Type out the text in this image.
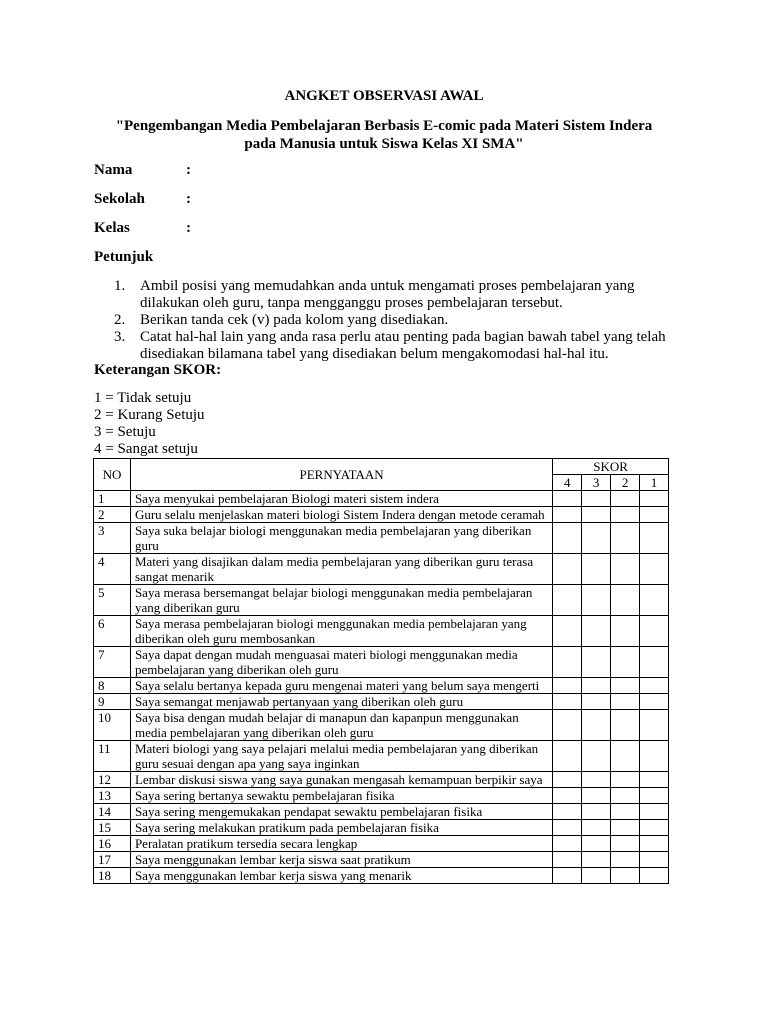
ANGKET OBSERVASI AWAL
"Pengembangan Media Pembelajaran Berbasis E-comic pada Materi Sistem Indera
pada Manusia untuk Siswa Kelas XI SMA"
Nama	:
Sekolah	:
Kelas	:
Petunjuk
1. Ambil posisi yang memudahkan anda untuk mengamati proses pembelajaran yang dilakukan oleh guru, tanpa mengganggu proses pembelajaran tersebut.
2. Berikan tanda cek (v) pada kolom yang disediakan.
3. Catat hal-hal lain yang anda rasa perlu atau penting pada bagian bawah tabel yang telah disediakan bilamana tabel yang disediakan belum mengakomodasi hal-hal itu.
Keterangan SKOR:
1 = Tidak setuju
2 = Kurang Setuju
3 = Setuju
4 = Sangat setuju
NO	PERNYATAAN	SKOR			
		4	3	2	1
1	Saya menyukai pembelajaran Biologi materi sistem indera				
2	Guru selalu menjelaskan materi biologi Sistem Indera dengan metode ceramah				
3	Saya suka belajar biologi menggunakan media pembelajaran yang diberikan guru				
4	Materi yang disajikan dalam media pembelajaran yang diberikan guru terasa sangat menarik				
5	Saya merasa bersemangat belajar biologi menggunakan media pembelajaran yang diberikan guru				
6	Saya merasa pembelajaran biologi menggunakan media pembelajaran yang diberikan oleh guru membosankan				
7	Saya dapat dengan mudah menguasai materi biologi menggunakan media pembelajaran yang diberikan oleh guru				
8	Saya selalu bertanya kepada guru mengenai materi yang belum saya mengerti				
9	Saya semangat menjawab pertanyaan yang diberikan oleh guru				
10	Saya bisa dengan mudah belajar di manapun dan kapanpun menggunakan media pembelajaran yang diberikan oleh guru				
11	Materi biologi yang saya pelajari melalui media pembelajaran yang diberikan guru sesuai dengan apa yang saya inginkan				
12	Lembar diskusi siswa yang saya gunakan mengasah kemampuan berpikir saya				
13	Saya sering bertanya sewaktu pembelajaran fisika				
14	Saya sering mengemukakan pendapat sewaktu pembelajaran fisika				
15	Saya sering melakukan pratikum pada pembelajaran fisika				
16	Peralatan pratikum tersedia secara lengkap				
17	Saya menggunakan lembar kerja siswa saat pratikum				
18	Saya menggunakan lembar kerja siswa yang menarik				
